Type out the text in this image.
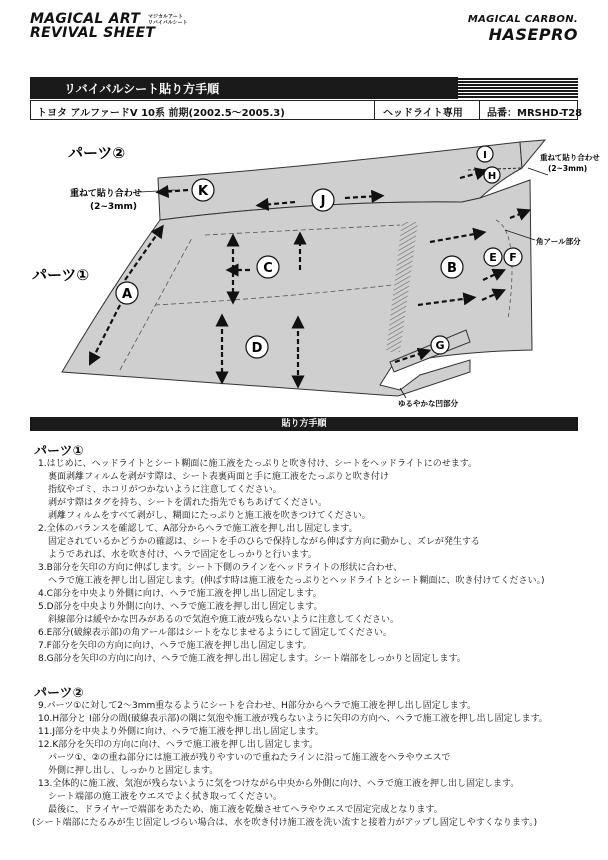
MAGICAL ART
REVIVAL SHEET
マジカルアート
リバイバルシート	MAGICAL CARBON.
HASEPRO
リバイバルシート貼り方手順
トヨタ アルファードV 10系 前期(2002.5～2005.3)	ヘッドライト専用 品番：MRSHD-T28
A
C
D
B
E F
G
H
I
J
K
パーツ②
パーツ①
重ねて貼り合わせ
(2~3mm)
重ねて貼り合わせ
(2~3mm)
角アール部分
ゆるやかな凹部分
貼り方手順
パーツ①
1.はじめに、ヘッドライトとシート糊面に施工液をたっぷりと吹き付け、シートをヘッドライトにのせます。
裏面剥離フィルムを剥がす際は、シート表裏両面と手に施工液をたっぷりと吹き付け
指紋やゴミ、ホコリがつかないように注意してください。
剥がす際はタグを持ち、シートを濡れた指先でもちあげてください。
剥離フィルムをすべて剥がし、糊面にたっぷりと施工液を吹きつけてください。
2.全体のバランスを確認して、A部分からヘラで施工液を押し出し固定します。
固定されているかどうかの確認は、シートを手のひらで保持しながら伸ばす方向に動かし、ズレが発生する
ようであれば、水を吹き付け、ヘラで固定をしっかりと行います。
3.B部分を矢印の方向に伸ばします。シート下側のラインをヘッドライトの形状に合わせ、
ヘラで施工液を押し出し固定します。(伸ばす時は施工液をたっぷりとヘッドライトとシート糊面に、吹き付けてください。)
4.C部分を中央より外側に向け、ヘラで施工液を押し出し固定します。
5.D部分を中央より外側に向け、ヘラで施工液を押し出し固定します。
斜線部分は緩やかな凹みがあるので気泡や施工液が残らないように注意してください。
6.E部分(破線表示部)の角アール部はシートをなじませるようにして固定してください。
7.F部分を矢印の方向に向け、ヘラで施工液を押し出し固定します。
8.G部分を矢印の方向に向け、ヘラで施工液を押し出し固定します。シート端部をしっかりと固定します。
パーツ②
9.パーツ①に対して2～3mm重なるようにシートを合わせ、H部分からヘラで施工液を押し出し固定します。
10.H部分と I部分の間(破線表示部)の隅に気泡や施工液が残らないように矢印の方向へ、ヘラで施工液を押し出し固定します。
11.J部分を中央より外側に向け、ヘラで施工液を押し出し固定します。
12.K部分を矢印の方向に向け、ヘラで施工液を押し出し固定します。
パーツ①、②の重ね部分には施工液が残りやすいので重ねたラインに沿って施工液をヘラやウエスで
外側に押し出し、しっかりと固定します。
13.全体的に施工液、気泡が残らないように気をつけながら中央から外側に向け、ヘラで施工液を押し出し固定します。
シート端部の施工液をウエスでよく拭き取ってください。
最後に、ドライヤーで端部をあたため、施工液を乾燥させてヘラやウエスで固定完成となります。
(シート端部にたるみが生じ固定しづらい場合は、水を吹き付け施工液を洗い流すと接着力がアップし固定しやすくなります。)
